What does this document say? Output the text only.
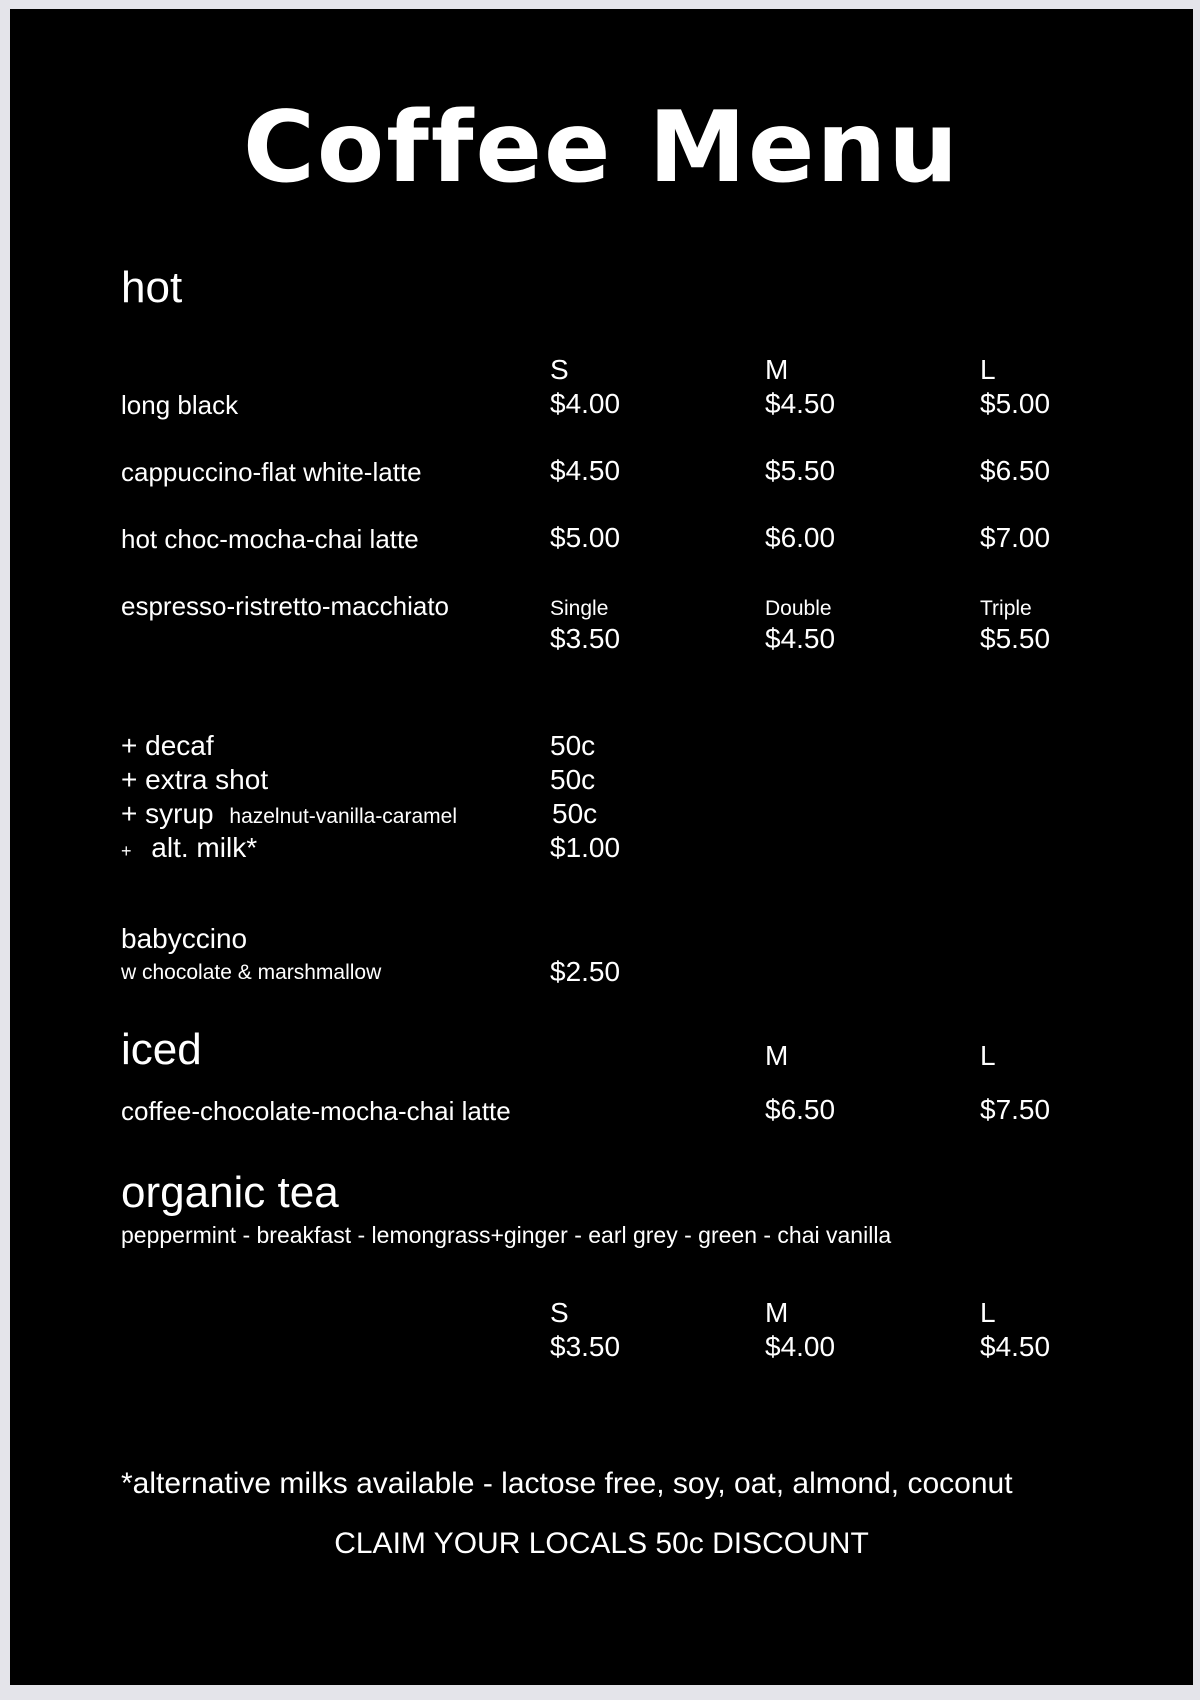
Coffee Menu
hot
S	M	L
long black	$4.00	$4.50	$5.00
cappuccino-flat white-latte	$4.50	$5.50	$6.50
hot choc-mocha-chai latte	$5.00	$6.00	$7.00
espresso-ristretto-macchiato	Single	Double	Triple
$3.50	$4.50	$5.50
+ decaf	50c
+ extra shot	50c
+ syrup hazelnut-vanilla-caramel	50c
+ alt. milk*	$1.00
babyccino
w chocolate & marshmallow	$2.50
iced	M	L
coffee-chocolate-mocha-chai latte	$6.50	$7.50
organic tea
peppermint - breakfast - lemongrass+ginger - earl grey - green - chai vanilla
S	M	L
$3.50	$4.00	$4.50
*alternative milks available - lactose free, soy, oat, almond, coconut
CLAIM YOUR LOCALS 50c DISCOUNT
